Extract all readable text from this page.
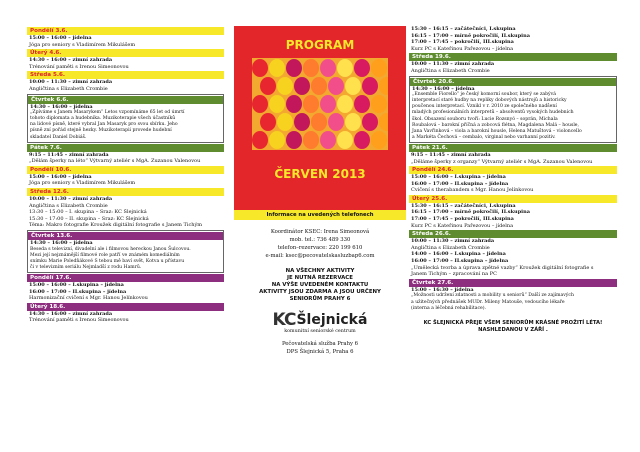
Pondělí 3.6.
15:00 – 16:00 – jídelna
Jóga pro seniory s Vladimírem Mikulášem
Úterý 4.6.
14:30 – 16:00 – zimní zahrada
Trénování paměti s Irenou Simeonovou
Středa 5.6.
10:00 – 11:30 – zimní zahrada
Angličtina s Elizabeth Crombie
Čtvrtek 6.6.
14:30 – 16:00 – jídelna
„Zpíváme s Janem Masarykem“ Letos vzpomínáme 65 let od úmrtí
tohoto diplomata a hudebníka. Muzikoterapie všech účastníků
na lidové písně, které vybral Jan Masaryk pro svou sbírku. Jeho
písně zní pořád stejně hezky. Muzikoterapii provede hudební
skladatel Daniel Dobiáš.
Pátek 7.6.
9:15 – 11:45 – zimní zahrada
„Dělám šperky na léto“ Výtvarný ateliér s MgA. Zuzanou Valenovou
Pondělí 10.6.
15:00 – 16:00 – jídelna
Jóga pro seniory s Vladimírem Mikulášem
Středa 12.6.
10:00 – 11:30 – zimní zahrada
Angličtina s Elizabeth Crombie
13:30 – 15:00 – I. skupina – Sraz: KC Šlejnická
15:30 – 17:00 – II. skupina – Sraz: KC Šlejnická
Téma: Makro fotografie Kroužek digitální fotografie s Janem Tichým
Čtvrtek 13.6.
14:30 – 16:00 – jídelna
Beseda s televizní, divadelní ale i filmovou hereckou Janou Šulcovou.
Mezi její nejznámější filmové role patří ve známém komediálním
snímku Marie Poledňákové S tebou mě baví svět, Kotva u přístavu
či v televizním seriálu Nejmladší z rodu Hamrů.
Pondělí 17.6.
15:00 – 16:00 – I.skupina – jídelna
16:00 – 17:00 – II.skupina – jídelna
Harmonizační cvičení s Mgr. Hanou Jelínkovou
Úterý 18.6.
14:30 – 16:00 – zimní zahrada
Trénování paměti s Irenou Simeonovou
PROGRAM
ČERVEN 2013
Informace na uvedených telefonech
Koordinátor KSEC: Irena Simeonová
mob. tel.: 736 489 330
telefon–rezervace: 220 199 610
e-mail: ksec@pecovatelskasluzbap6.com
NA VŠECHNY AKTIVITY
JE NUTNÁ REZERVACE
NA VÝŠE UVEDENÉM KONTAKTU
AKTIVITY JSOU ZDARMA A JSOU URČENY
SENIORŮM PRAHY 6
KC Šlejnická
komunitní seniorské centrum
Pečovatelská služba Prahy 6
DPS Šlejnická 5, Praha 6
15:30 – 16:15 – začátečníci, I.skupina
16:15 – 17:00 – mírně pokročilí, II.skupina
17:00 – 17:45 – pokročilí, III.skupina
Kurz PC s Kateřinou Pařezovou – jídelna
Středa 19.6.
10:00 – 11:30 – zimní zahrada
Angličtina s Elizabeth Crombie
Čtvrtek 20.6.
14:30 – 16:00 – jídelna
„Ensemble Fiorello“ je český komorní soubor, který se zabývá
interpretací staré hudby na repliky dobových nástrojů a historicky
poučenou interpretací. Vznikl v r. 2010 ze společného nadšení
mladých profesionálních interpretů – absolventů vysokých hudebních
škol. Obsazení souboru tvoří: Lucie Rozsnyó – soprán, Michala
Roubalová – barokní příčná a zobcová flétna, Magdalena Malá – housle,
Jana Vavřinková – viola a barokní housle, Helena Matuštová – violoncello
a Markéta Čechová – cembalo, virginal nebo varhanní pozitiv.
Pátek 21.6.
9:15 – 11:45 – zimní zahrada
„Děláme šperky z organzy“ Výtvarný ateliér s MgA. Zuzanou Valenovou
Pondělí 24.6.
15:00 – 16:00 – I.skupina – jídelna
16:00 – 17:00 – II.skupina – jídelna
Cvičení s therabandem s Mgr. Hanou Jelínkovou
Úterý 25.6.
15:30 – 16:15 – začátečníci, I.skupina
16:15 – 17:00 – mírně pokročilí, II.skupina
17:00 – 17:45 – pokročilí, III.skupina
Kurz PC s Kateřinou Pařezovou – jídelna
Středa 26.6.
10:00 – 11:30 – zimní zahrada
Angličtina s Elizabeth Crombie
14:00 – 16:00 – I.skupina – jídelna
16:00 – 17:00 – II.skupina – jídelna
„Umělecká tvorba a úprava zpětné vazby“ Kroužek digitální fotografie s
Janem Tichým – zpracování na PC
Čtvrtek 27.6.
15:00 – 16:30 – jídelna
„Možnosti udržení zdatnosti a mobility u seniorů“ Další ze zajímavých
a užitečných přednášek MUDr. Mileny Matouše, vedoucího lékaře
(interna a léčebná rehabilitace).
KC ŠLEJNICKÁ PŘEJE VŠEM SENIORŮM KRÁSNÉ PROŽITÍ LÉTA!
NASHLEDANOU V ZÁŘÍ .
